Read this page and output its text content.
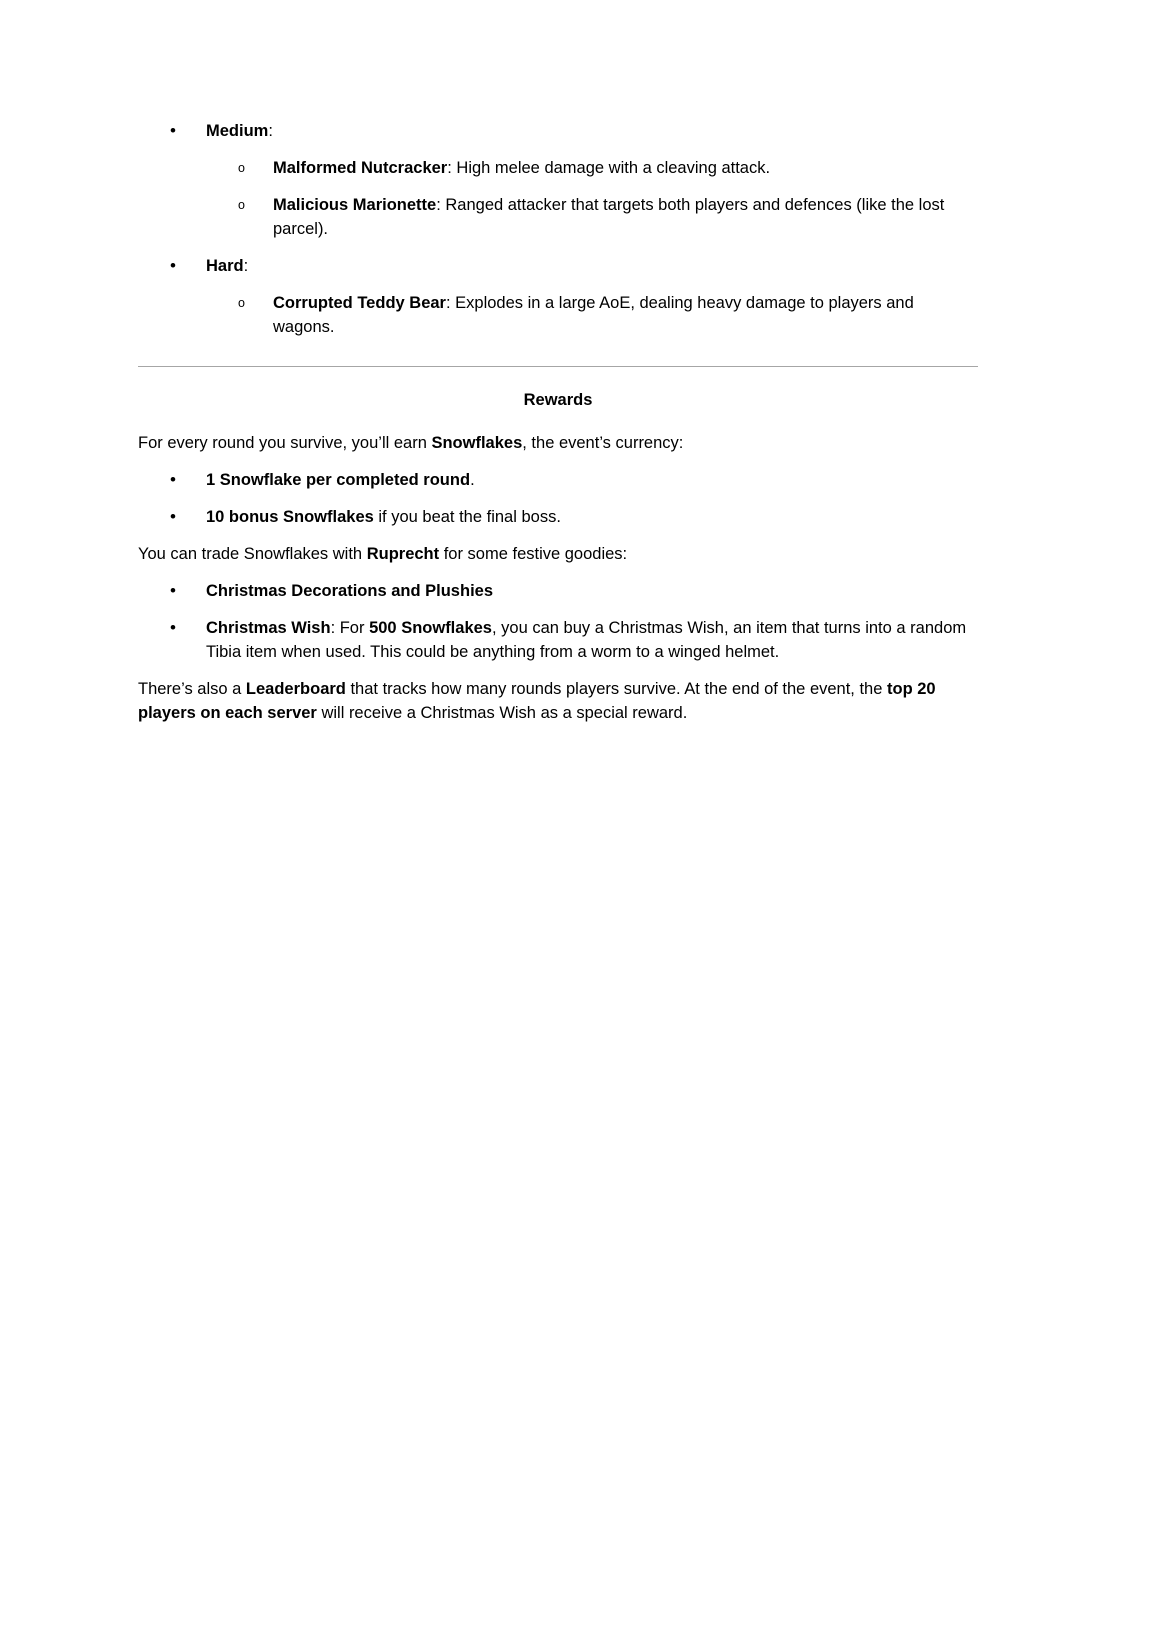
• Medium:
o Malformed Nutcracker: High melee damage with a cleaving attack.
o Malicious Marionette: Ranged attacker that targets both players and defences (like the lost parcel).
• Hard:
o Corrupted Teddy Bear: Explodes in a large AoE, dealing heavy damage to players and wagons.
Rewards

For every round you survive, you’ll earn Snowflakes, the event’s currency:

• 1 Snowflake per completed round.
• 10 bonus Snowflakes if you beat the final boss.

You can trade Snowflakes with Ruprecht for some festive goodies:

• Christmas Decorations and Plushies
• Christmas Wish: For 500 Snowflakes, you can buy a Christmas Wish, an item that turns into a random Tibia item when used. This could be anything from a worm to a winged helmet.

There’s also a Leaderboard that tracks how many rounds players survive. At the end of the event, the top 20 players on each server will receive a Christmas Wish as a special reward.
